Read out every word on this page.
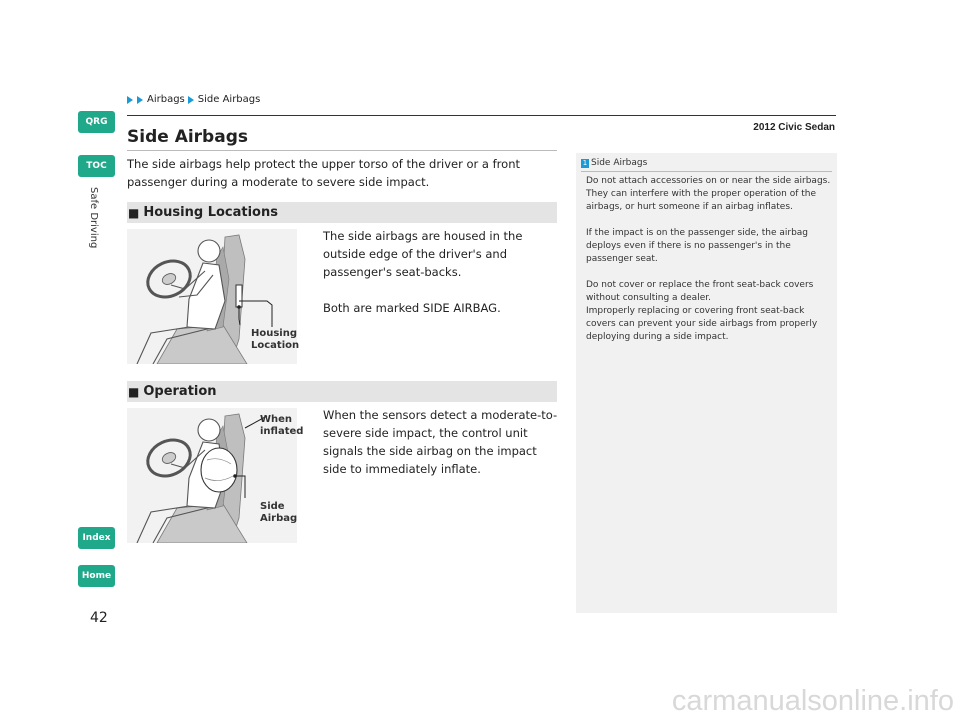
Airbags Side Airbags
2012 Civic Sedan
QRG
TOC
Index
Home
Safe Driving
Side Airbags
The side airbags help protect the upper torso of the driver or a front passenger during a moderate to severe side impact.
■ Housing Locations
Housing
Location

The side airbags are housed in the outside edge of the driver's and passenger's seat-backs.

Both are marked SIDE AIRBAG.

■ Operation
When
inflated
Side
Airbag
When the sensors detect a moderate-to-severe side impact, the control unit signals the side airbag on the impact side to immediately inflate.
1 Side Airbags

Do not attach accessories on or near the side airbags. They can interfere with the proper operation of the airbags, or hurt someone if an airbag inflates.

If the impact is on the passenger side, the airbag deploys even if there is no passenger's in the passenger seat.

Do not cover or replace the front seat-back covers without consulting a dealer.

Improperly replacing or covering front seat-back covers can prevent your side airbags from properly deploying during a side impact.

42
carmanualsonline.info
